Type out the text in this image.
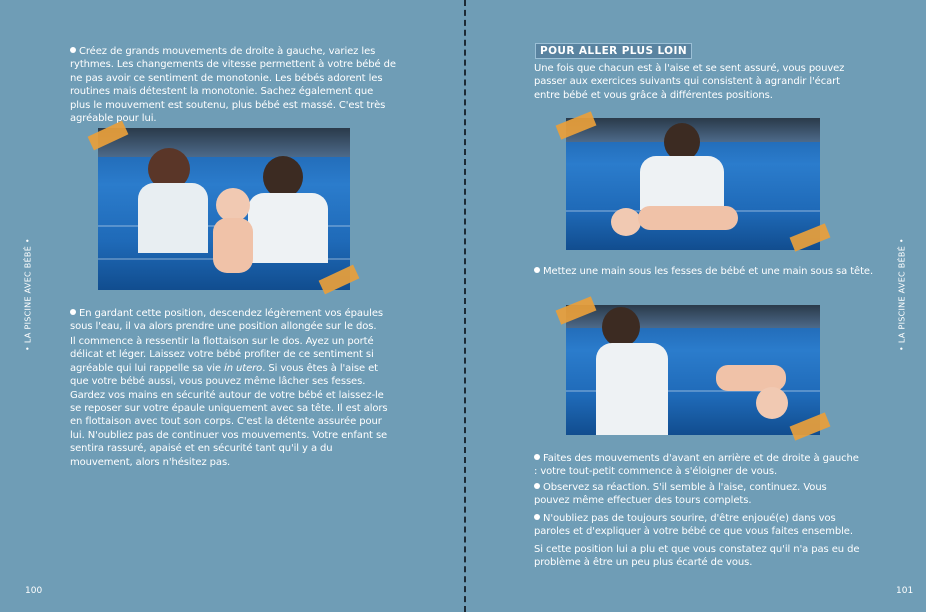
Créez de grands mouvements de droite à gauche, variez les rythmes. Les changements de vitesse permettent à votre bébé de ne pas avoir ce sentiment de monotonie. Les bébés adorent les routines mais détestent la monotonie. Sachez également que plus le mouvement est soutenu, plus bébé est massé. C'est très agréable pour lui.

En gardant cette position, descendez légèrement vos épaules sous l'eau, il va alors prendre une position allongée sur le dos.

Il commence à ressentir la flottaison sur le dos. Ayez un porté délicat et léger. Laissez votre bébé profiter de ce sentiment si agréable qui lui rappelle sa vie in utero. Si vous êtes à l'aise et que votre bébé aussi, vous pouvez même lâcher ses fesses. Gardez vos mains en sécurité autour de votre bébé et laissez-le se reposer sur votre épaule uniquement avec sa tête. Il est alors en flottaison avec tout son corps. C'est la détente assurée pour lui. N'oubliez pas de continuer vos mouvements. Votre enfant se sentira rassuré, apaisé et en sécurité tant qu'il y a du mouvement, alors n'hésitez pas.

• LA PISCINE AVEC BÉBÉ •
100
POUR ALLER PLUS LOIN

Une fois que chacun est à l'aise et se sent assuré, vous pouvez passer aux exercices suivants qui consistent à agrandir l'écart entre bébé et vous grâce à différentes positions.

Mettez une main sous les fesses de bébé et une main sous sa tête.

Faites des mouvements d'avant en arrière et de droite à gauche : votre tout-petit commence à s'éloigner de vous.

Observez sa réaction. S'il semble à l'aise, continuez. Vous pouvez même effectuer des tours complets.

N'oubliez pas de toujours sourire, d'être enjoué(e) dans vos paroles et d'expliquer à votre bébé ce que vous faites ensemble.

Si cette position lui a plu et que vous constatez qu'il n'a pas eu de problème à être un peu plus écarté de vous.

• LA PISCINE AVEC BÉBÉ •
101
